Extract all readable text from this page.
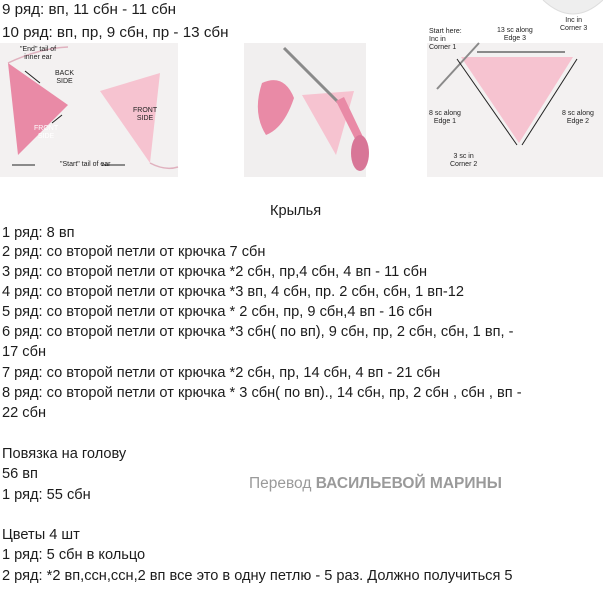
9 ряд: вп, 11 сбн - 11 сбн
10 ряд: вп, пр, 9 сбн, пр - 13 сбн
"End" tail of
inner ear
BACK
SIDE
FRONT
SIDE
FRONT
SIDE
"Start" tail of ear
Start here:
Inc in
Corner 1
13 sc along
Edge 3
Inc in
Corner 3
8 sc along
Edge 1
8 sc along
Edge 2
3 sc in
Corner 2
Крылья
1 ряд: 8 вп
2 ряд: со второй петли от крючка 7 сбн
3 ряд: со второй петли от крючка *2 сбн, пр,4 сбн, 4 вп - 11 сбн
4 ряд: со второй петли от крючка *3 вп, 4 сбн, пр. 2 сбн, сбн, 1 вп-12
5 ряд: со второй петли от крючка * 2 сбн, пр, 9 сбн,4 вп - 16 сбн
6 ряд: со второй петли от крючка *3 сбн( по вп), 9 сбн, пр, 2 сбн, сбн, 1 вп, -
17 сбн
7 ряд: со второй петли от крючка *2 сбн, пр, 14 сбн, 4 вп - 21 сбн
8 ряд: со второй петли от крючка * 3 сбн( по вп)., 14 сбн, пр, 2 сбн , сбн , вп -
22 сбн
Повязка на голову
56 вп
1 ряд: 55 сбн
Перевод ВАСИЛЬЕВОЙ МАРИНЫ
Цветы 4 шт
1 ряд: 5 сбн в кольцо
2 ряд: *2 вп,ссн,ссн,2 вп все это в одну петлю - 5 раз. Должно получиться 5
